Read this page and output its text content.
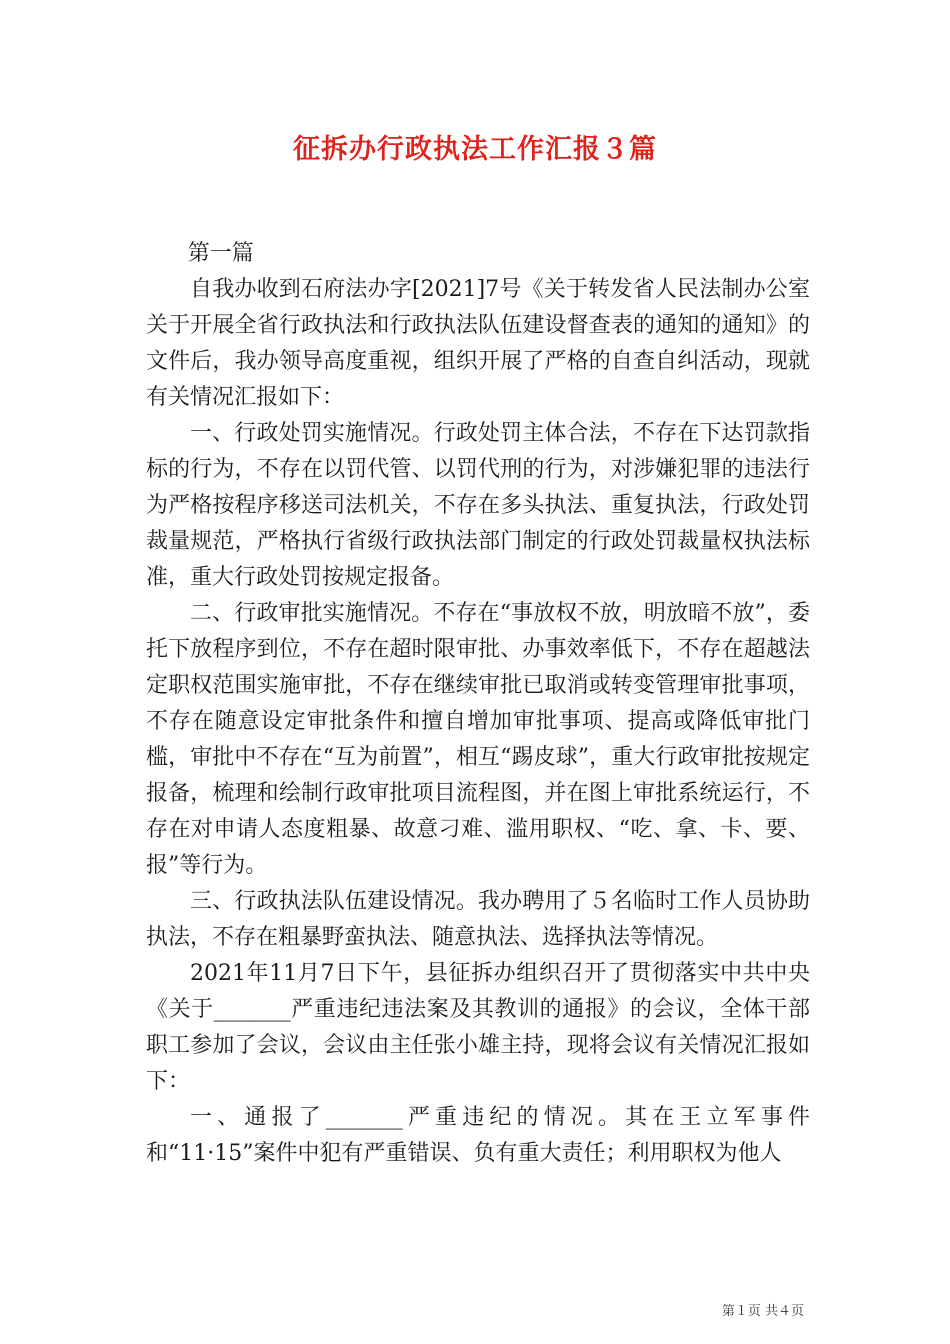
征拆办行政执法工作汇报３篇

第一篇

自我办收到石府法办字[2021]7号《关于转发省人民法制办公室关于开展全省行政执法和行政执法队伍建设督查表的通知的通知》的文件后，我办领导高度重视，组织开展了严格的自查自纠活动，现就有关情况汇报如下：

一、行政处罚实施情况。行政处罚主体合法，不存在下达罚款指标的行为，不存在以罚代管、以罚代刑的行为，对涉嫌犯罪的违法行为严格按程序移送司法机关，不存在多头执法、重复执法，行政处罚裁量规范，严格执行省级行政执法部门制定的行政处罚裁量权执法标准，重大行政处罚按规定报备。

二、行政审批实施情况。不存在“事放权不放，明放暗不放”，委托下放程序到位，不存在超时限审批、办事效率低下，不存在超越法定职权范围实施审批，不存在继续审批已取消或转变管理审批事项，不存在随意设定审批条件和擅自增加审批事项、提高或降低审批门槛，审批中不存在“互为前置”，相互“踢皮球”，重大行政审批按规定报备，梳理和绘制行政审批项目流程图，并在图上审批系统运行，不存在对申请人态度粗暴、故意刁难、滥用职权、“吃、拿、卡、要、报”等行为。

三、行政执法队伍建设情况。我办聘用了５名临时工作人员协助执法，不存在粗暴野蛮执法、随意执法、选择执法等情况。

2021年11月7日下午，县征拆办组织召开了贯彻落实中共中央《关于_______严重违纪违法案及其教训的通报》的会议，全体干部职工参加了会议，会议由主任张小雄主持，现将会议有关情况汇报如下：

一、通报了_______严重违纪的情况。其在王立军事件和“11·15”案件中犯有严重错误、负有重大责任；利用职权为他人

第１页 共４页
